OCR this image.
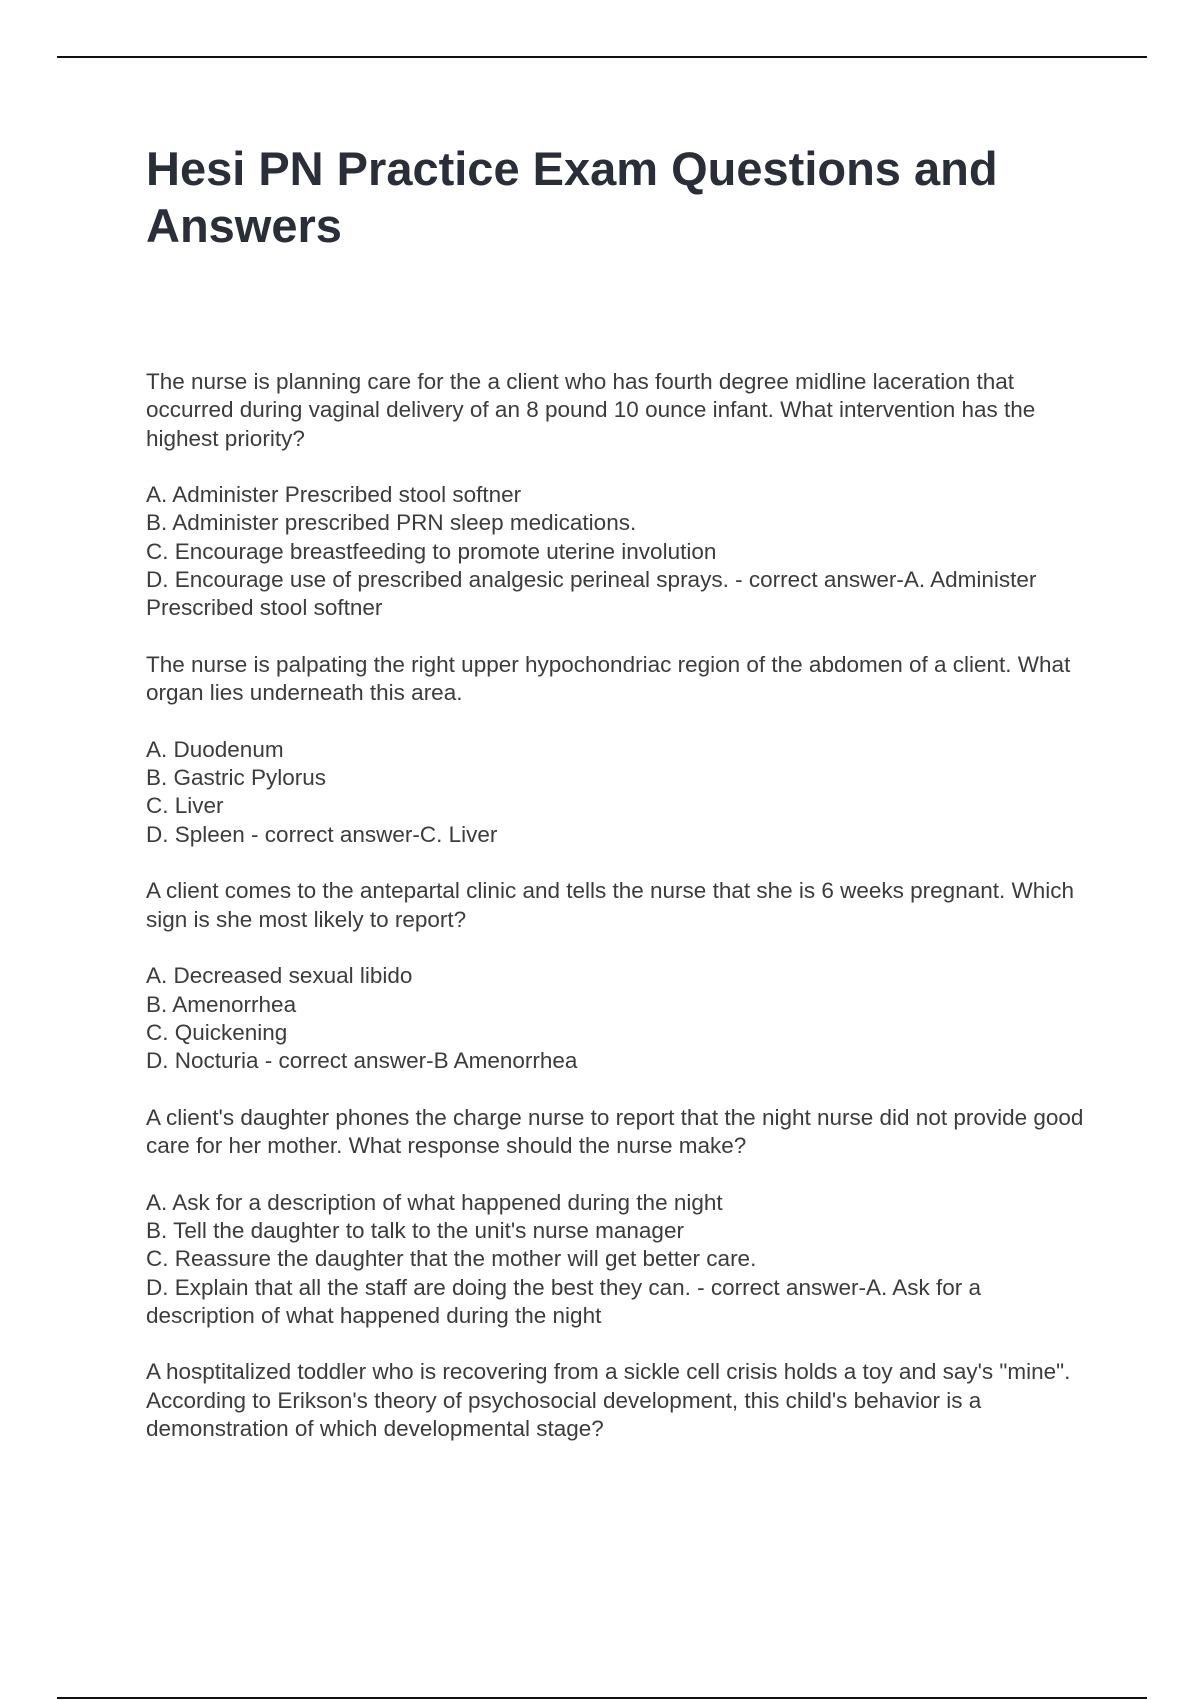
Hesi PN Practice Exam Questions and Answers
The nurse is planning care for the a client who has fourth degree midline laceration that occurred during vaginal delivery of an 8 pound 10 ounce infant. What intervention has the highest priority?
A. Administer Prescribed stool softner
B. Administer prescribed PRN sleep medications.
C. Encourage breastfeeding to promote uterine involution
D. Encourage use of prescribed analgesic perineal sprays. - correct answer-A. Administer Prescribed stool softner
The nurse is palpating the right upper hypochondriac region of the abdomen of a client. What organ lies underneath this area.
A. Duodenum
B. Gastric Pylorus
C. Liver
D. Spleen - correct answer-C. Liver
A client comes to the antepartal clinic and tells the nurse that she is 6 weeks pregnant. Which sign is she most likely to report?
A. Decreased sexual libido
B. Amenorrhea
C. Quickening
D. Nocturia - correct answer-B Amenorrhea
A client's daughter phones the charge nurse to report that the night nurse did not provide good care for her mother. What response should the nurse make?
A. Ask for a description of what happened during the night
B. Tell the daughter to talk to the unit's nurse manager
C. Reassure the daughter that the mother will get better care.
D. Explain that all the staff are doing the best they can. - correct answer-A. Ask for a description of what happened during the night
A hosptitalized toddler who is recovering from a sickle cell crisis holds a toy and say's "mine". According to Erikson's theory of psychosocial development, this child's behavior is a demonstration of which developmental stage?
